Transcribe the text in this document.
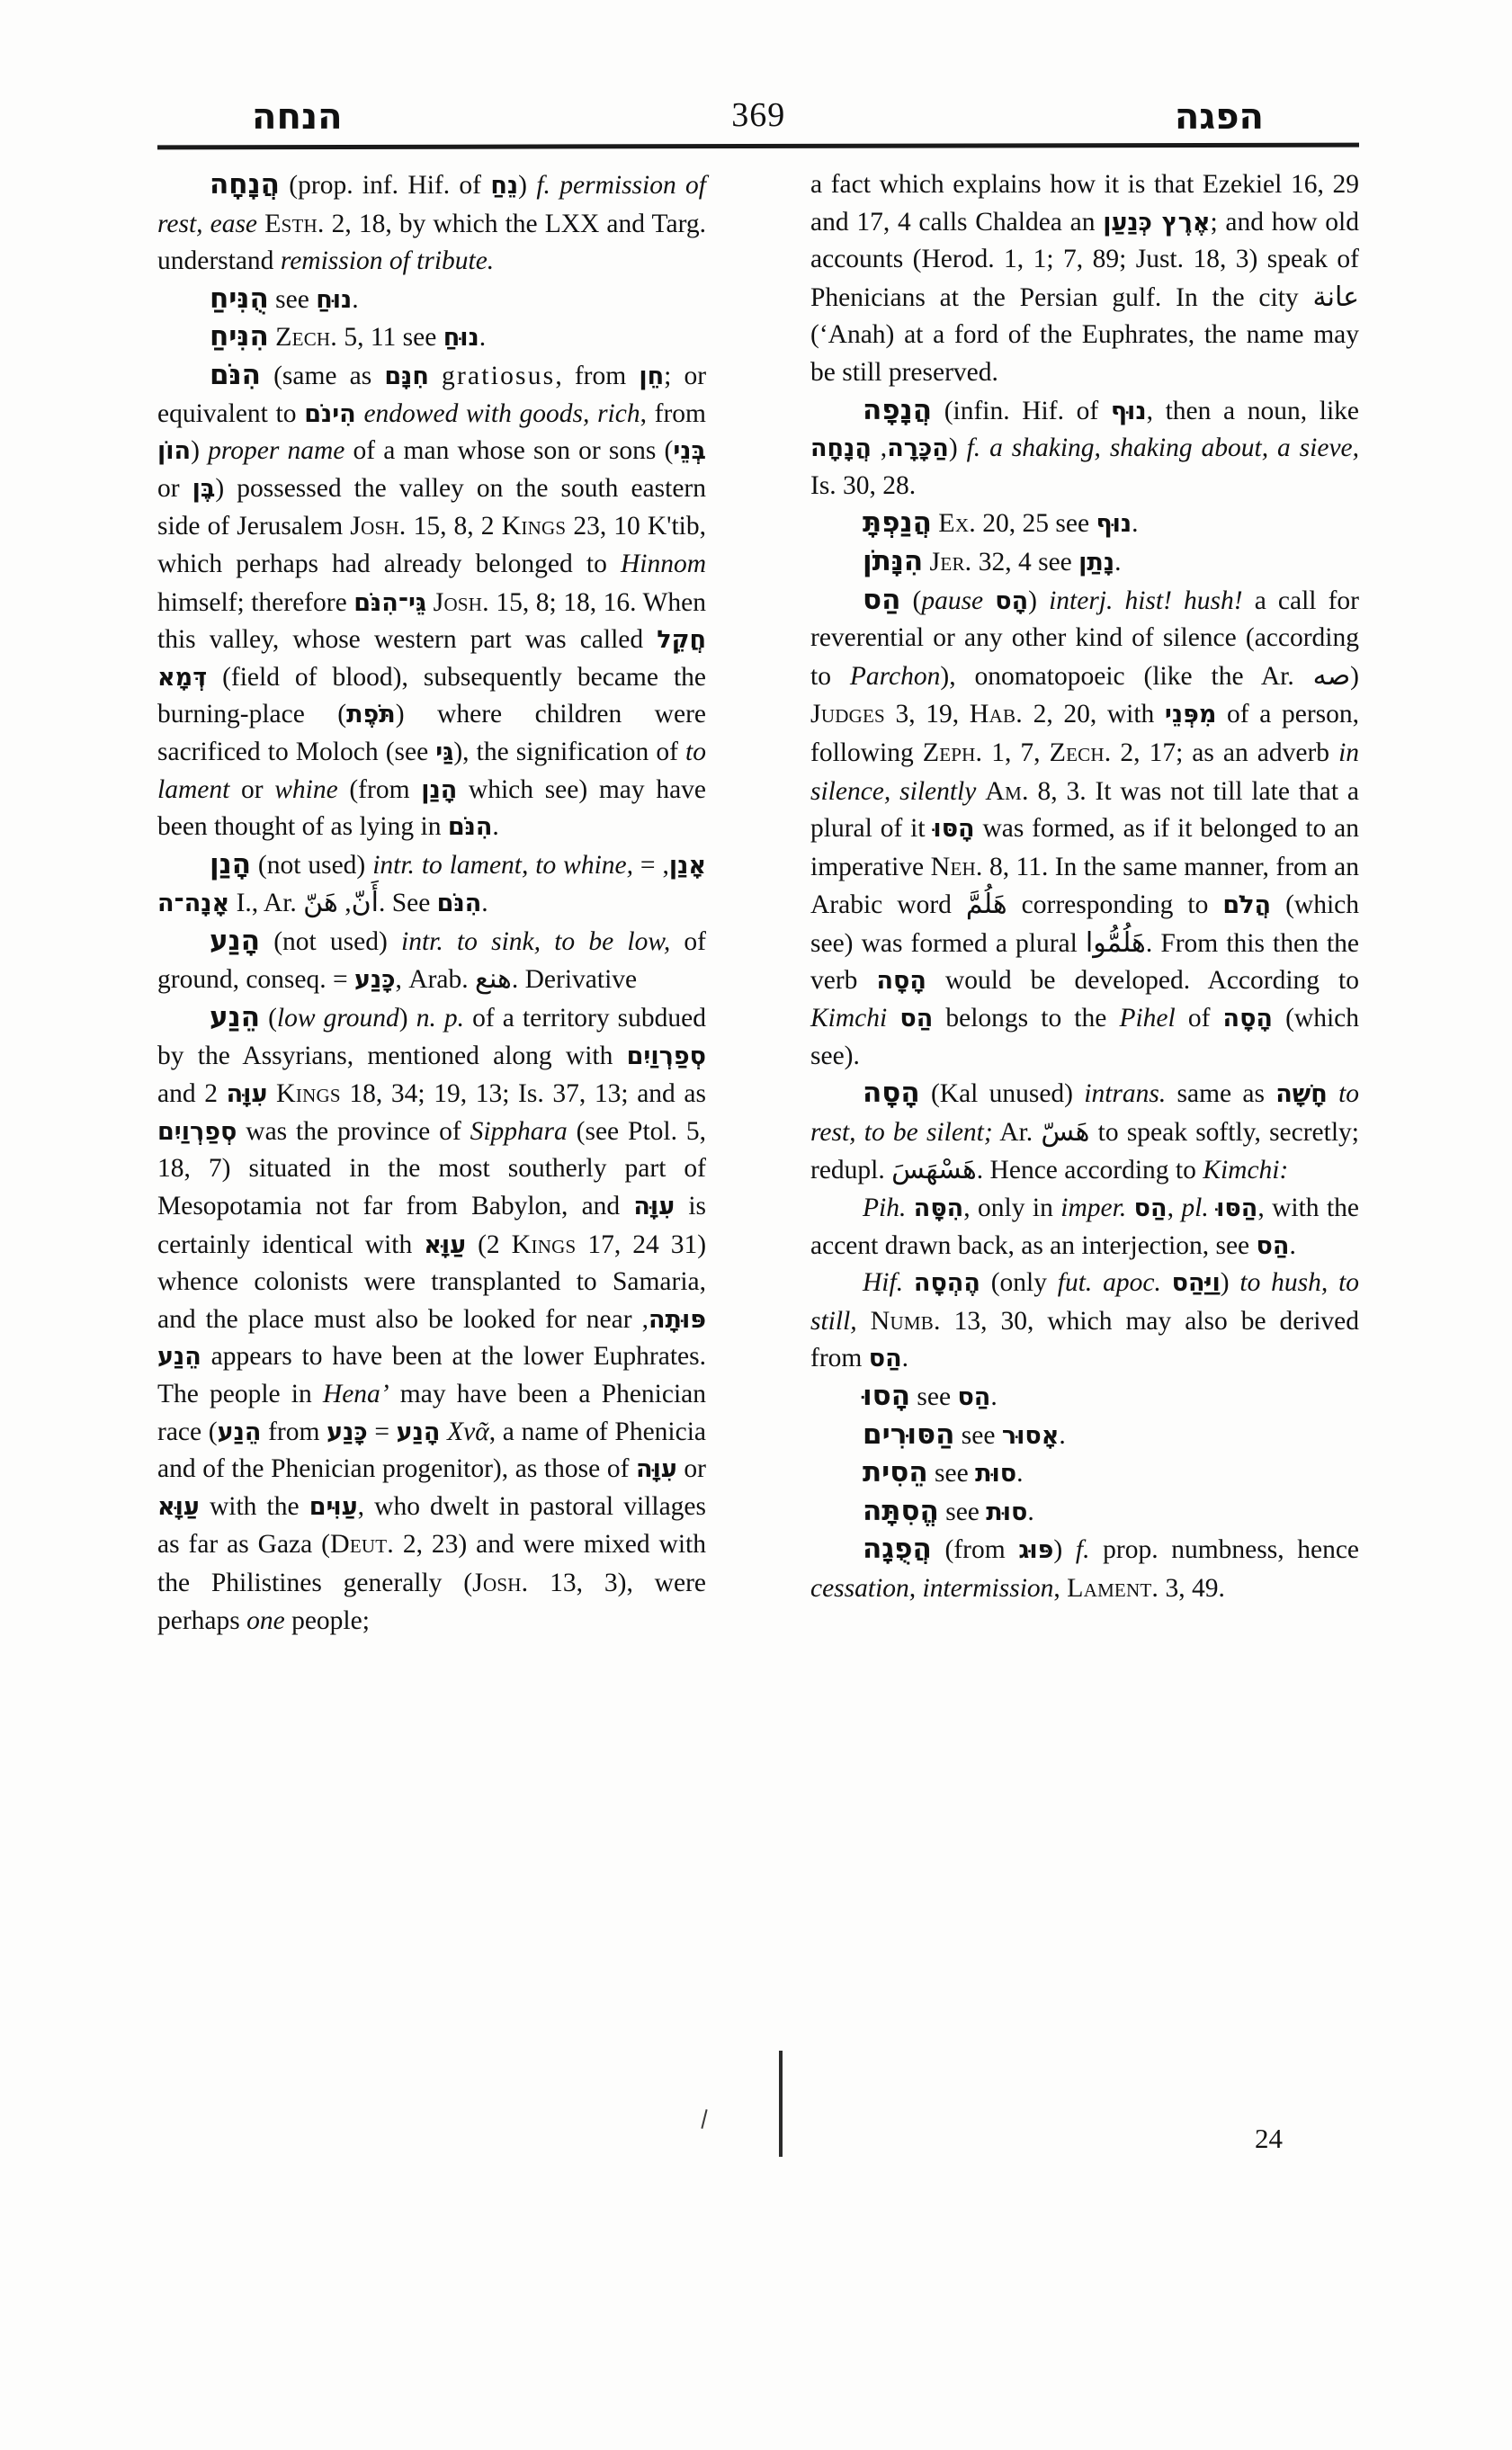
הנחה	369	הפגה

הֲנָחָה (prop. inf. Hif. of נֵחַ) f. permission of rest, ease Esth. 2, 18, by which the LXX and Targ. understand remission of tribute.

הֻנִּיחַ see נוּחַ.

הִנִּיחַ Zech. 5, 11 see נוּחַ.

הִנֹּם (same as חִנָּם gratiosus, from חֵן; or equivalent to הִינֹם endowed with goods, rich, from הוֹן) proper name of a man whose son or sons (בְּנֵי or בֶּן) possessed the valley on the south eastern side of Jerusalem Josh. 15, 8, 2 Kings 23, 10 K'tib, which perhaps had already belonged to Hinnom himself; therefore גֵּי־הִנֹּם Josh. 15, 8; 18, 16. When this valley, whose western part was called חֲקֵל דְּמָא (field of blood), subsequently became the burning-place (תֹּפֶת) where children were sacrificed to Moloch (see גַּי), the signification of to lament or whine (from הָנַן which see) may have been thought of as lying in הִנֹּם.

הָנַן (not used) intr. to lament, to whine, = אָנַן, אָנָה־ה I., Ar. أَنّ, هَنّ . See הִנֹּם.

הָנַע (not used) intr. to sink, to be low, of ground, conseq. = כָּנַע, Arab. هنع. Derivative

הֵנַע (low ground) n. p. of a territory subdued by the Assyrians, mentioned along with סְפַרְוַיִם and עִוָּה 2 Kings 18, 34; 19, 13; Is. 37, 13; and as סְפַרְוַיִם was the province of Sipphara (see Ptol. 5, 18, 7) situated in the most southerly part of Mesopotamia not far from Babylon, and עִוָּה is certainly identical with עַוָּא (2 Kings 17, 24 31) whence colonists were transplanted to Samaria, and the place must also be looked for near פּוּתָה, הֵנַע appears to have been at the lower Euphrates. The people in Hena’ may have been a Phenician race (הֵנַע from	הָנַע = כָּנַע	Χνᾶ, a name of Phenicia and of the Phenician progenitor), as those of עִוָּה or עַוָּא with the עַוִּים, who dwelt in pastoral villages as far as Gaza (Deut. 2, 23) and were mixed with the Philistines generally (Josh. 13, 3), were perhaps one people;

a fact which explains how it is that Ezekiel 16, 29 and 17, 4 calls Chaldea an אֶרֶץ כְּנַעַן; and how old accounts (Herod. 1, 1; 7, 89; Just. 18, 3) speak of Phenicians at the Persian gulf. In the city عانة (‘Anah) at a ford of the Euphrates, the name may be still preserved.

הֲנָפָה (infin. Hif. of נוּף, then a noun, like הַכָּרָה, הֲנָחָה	) f. a shaking, shaking about, a sieve, Is. 30, 28.

הֲנַפְתָּ Ex. 20, 25 see נוּף.

הִנָּתֹן Jer. 32, 4 see נָתַן.

הַס (pause הָס) interj. hist! hush! a call for reverential or any other kind of silence (according to Parchon), onomatopoeic (like the Ar. صه) Judges 3, 19, Hab. 2, 20, with מִפְּנֵי of a person, following Zeph. 1, 7, Zech. 2, 17; as an adverb in silence, silently Am. 8, 3. It was not till late that a plural of it הָסּוּ was formed, as if it belonged to an imperative Neh. 8, 11. In the same manner, from an Arabic word هَلُمَّ corresponding to הֲלֹם (which see) was formed a plural هَلُمُّوا. From this then the verb הָסָה would be developed. According to Kimchi הַס belongs to the Pihel of הָסָה (which see).

הָסָה (Kal unused) intrans. same as חָשָׁה to rest, to be silent; Ar. هَسّ to speak softly, secretly; redupl. هَسْهَسَ. Hence according to Kimchi:

Pih. הִסָּה, only in imper. הַס, pl. הַסּוּ, with the accent drawn back, as an interjection, see הַס.

Hif. הֶהְסָה (only fut. apoc. וַיַּהַס) to hush, to still, Numb. 13, 30, which may also be derived from הַס.

הָסוּ see הַס.

הַסּוּרִים see אָסוּר.

הֵסִית see סוּת.

הֱסִתָּה see סוּת.

הֲפֻגָה (from פּוּג) f. prop. numbness, hence cessation, intermission, Lament. 3, 49.

24
